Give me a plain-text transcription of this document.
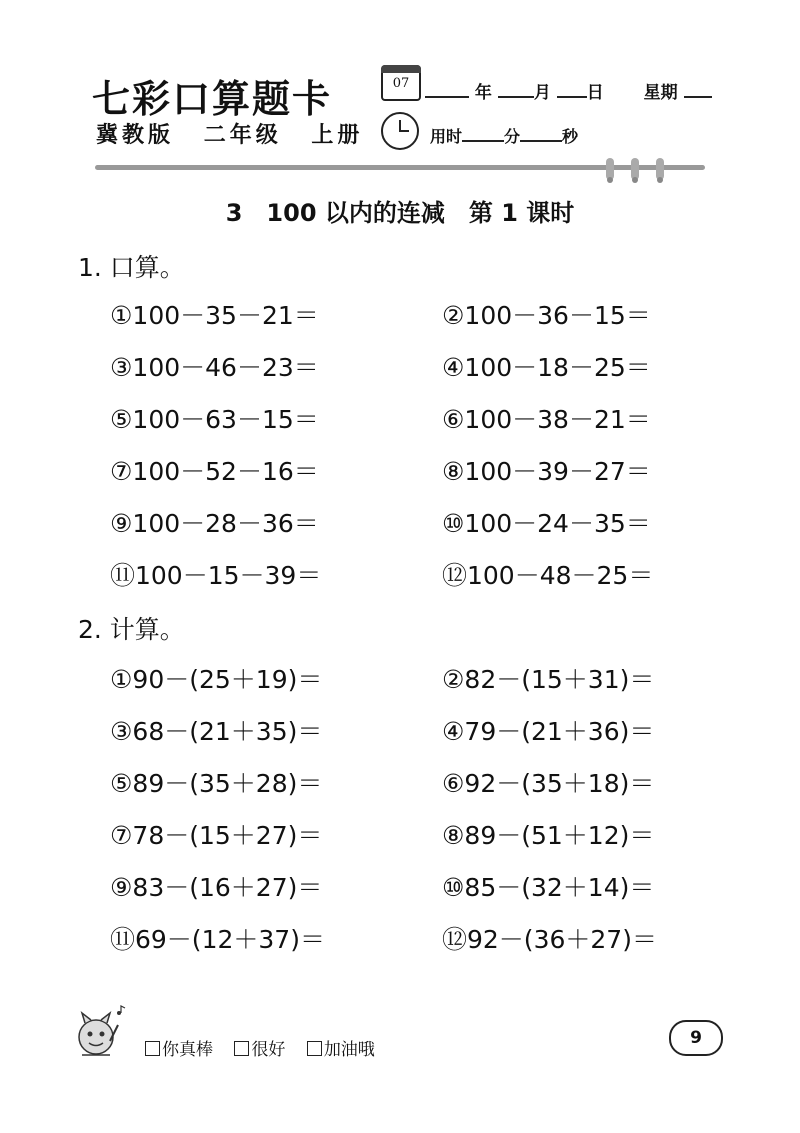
七彩口算题卡
冀教版 二年级 上册
07	年 月 日 星期
用时	分	秒
3　100 以内的连减　第 1 课时
1. 口算。
①100－35－21＝	②100－36－15＝
③100－46－23＝	④100－18－25＝
⑤100－63－15＝	⑥100－38－21＝
⑦100－52－16＝	⑧100－39－27＝
⑨100－28－36＝	⑩100－24－35＝
⑪100－15－39＝	⑫100－48－25＝
2. 计算。
①90－(25＋19)＝	②82－(15＋31)＝
③68－(21＋35)＝	④79－(21＋36)＝
⑤89－(35＋28)＝	⑥92－(35＋18)＝
⑦78－(15＋27)＝	⑧89－(51＋12)＝
⑨83－(16＋27)＝	⑩85－(32＋14)＝
⑪69－(12＋37)＝	⑫92－(36＋27)＝
你真棒 很好 加油哦
9
